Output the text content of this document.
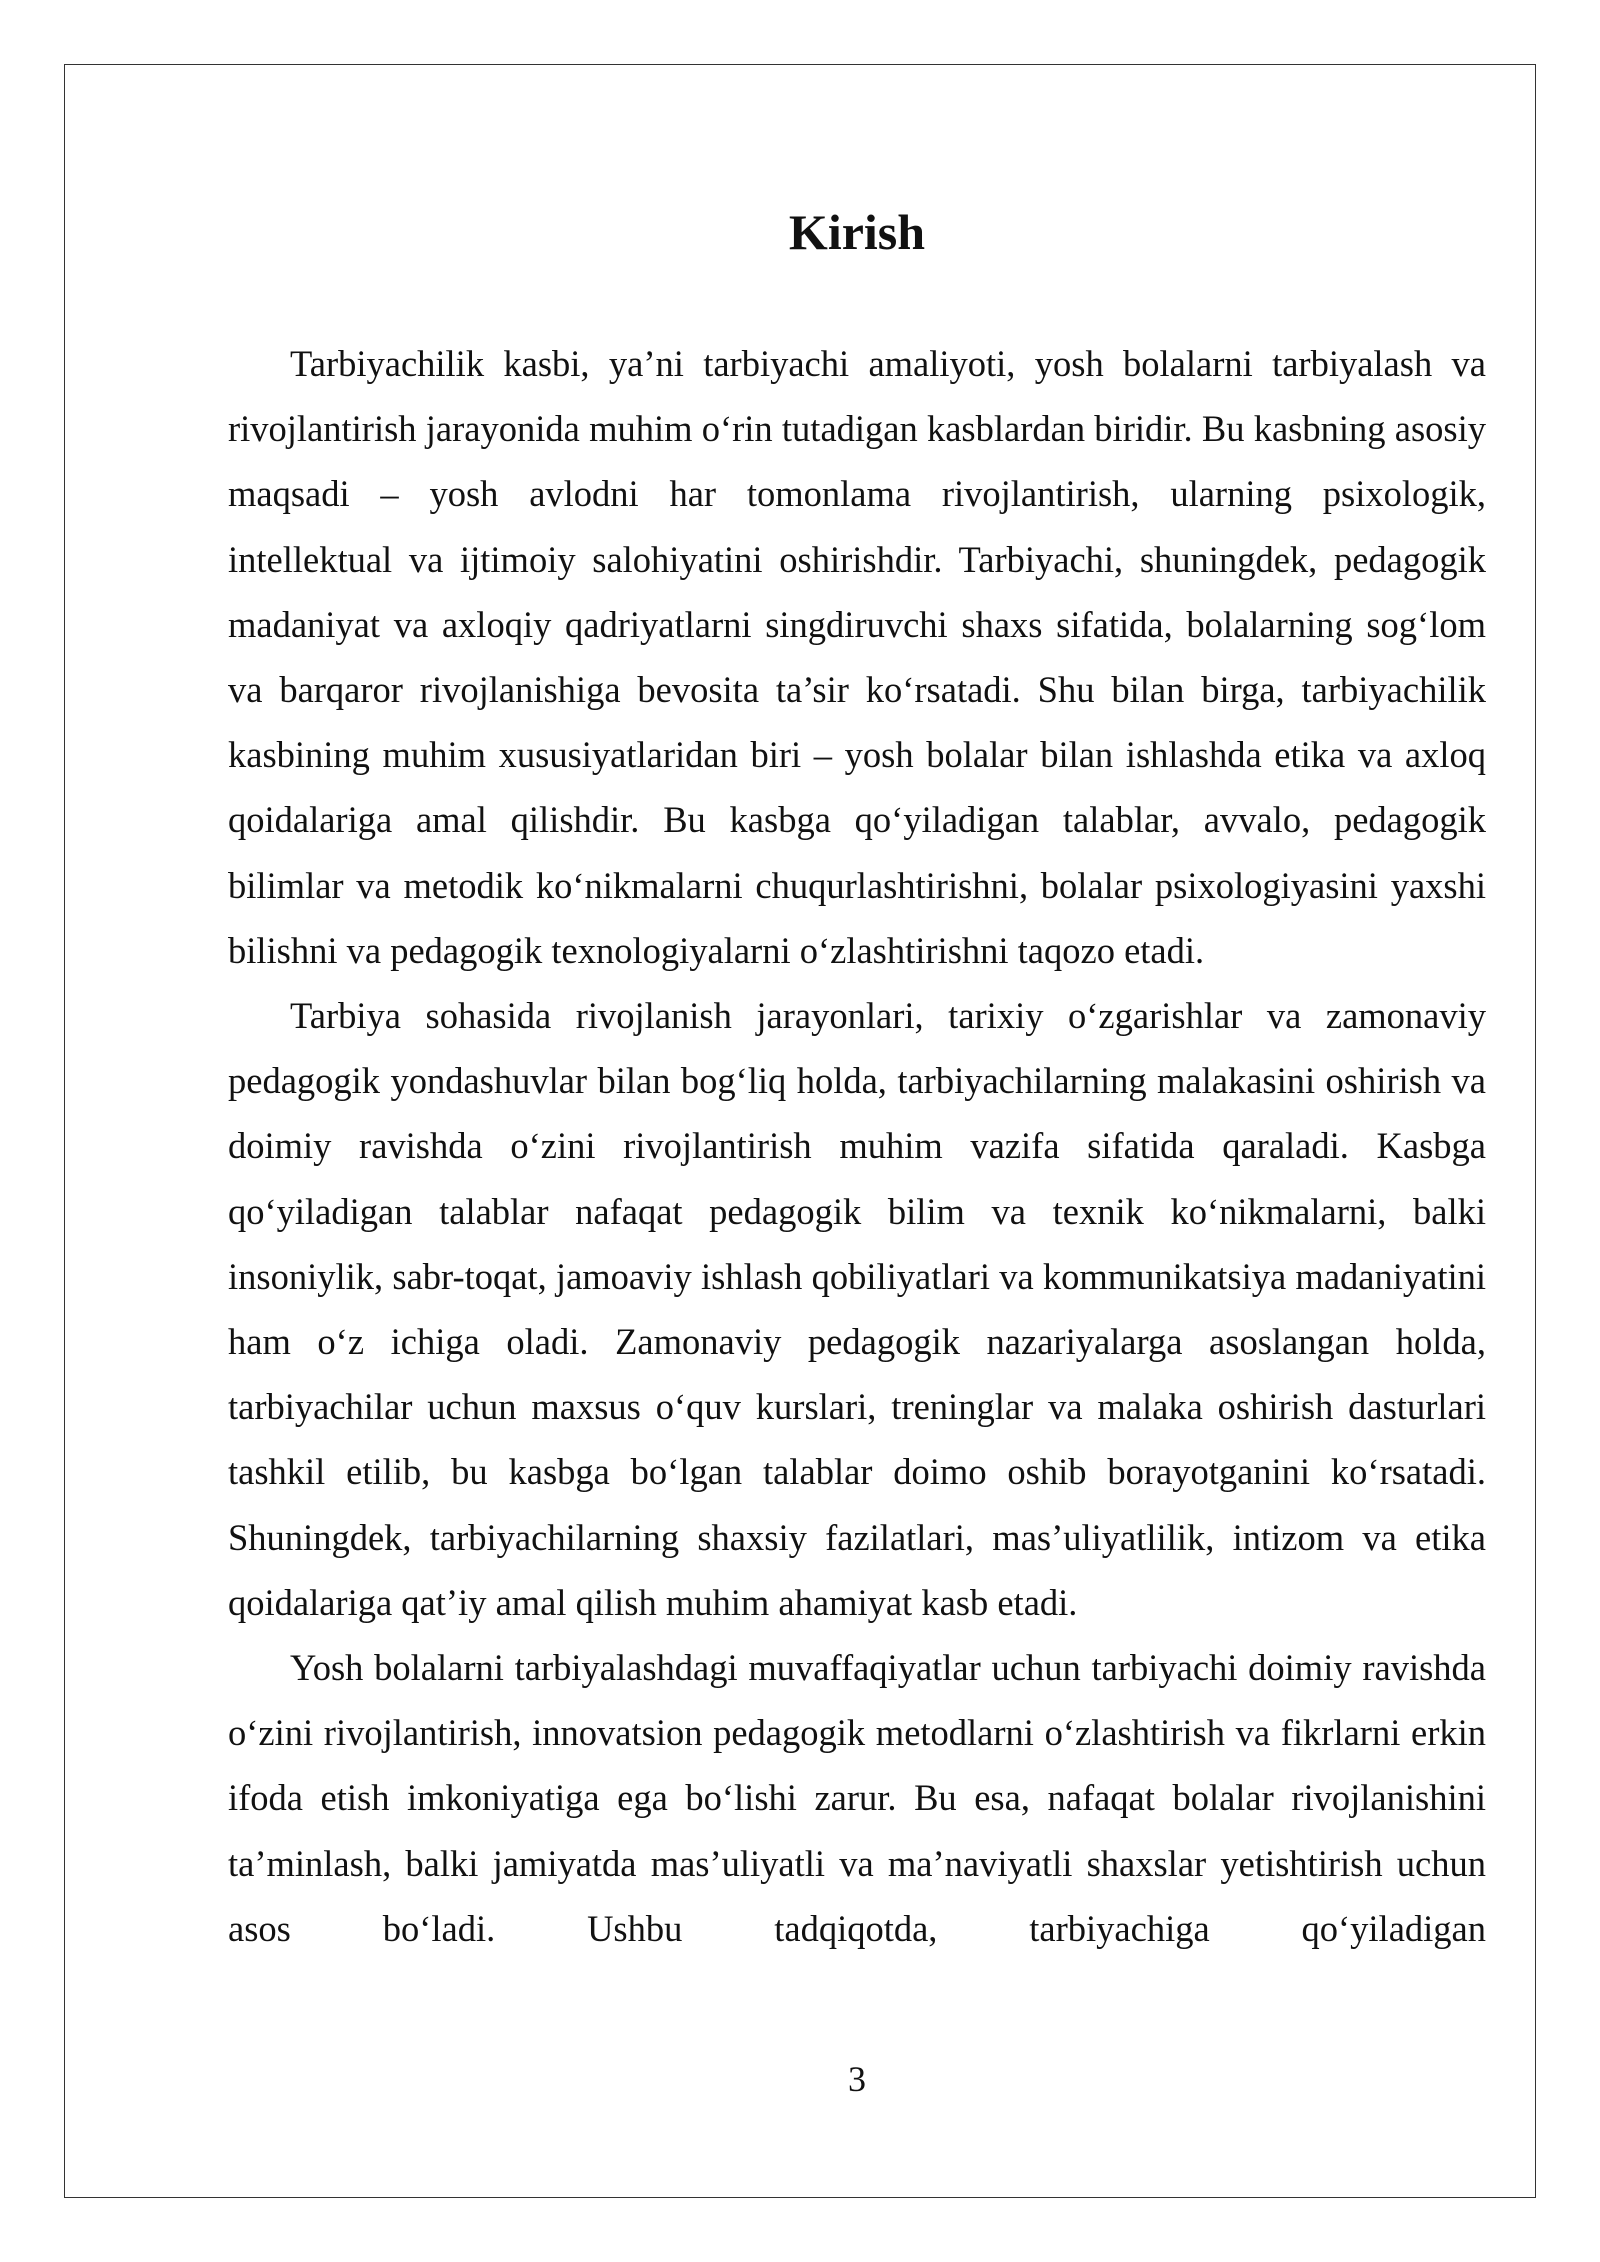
Kirish

Tarbiyachilik kasbi, ya’ni tarbiyachi amaliyoti, yosh bolalarni tarbiyalash va rivojlantirish jarayonida muhim o‘rin tutadigan kasblardan biridir. Bu kasbning asosiy maqsadi – yosh avlodni har tomonlama rivojlantirish, ularning psixologik, intellektual va ijtimoiy salohiyatini oshirishdir. Tarbiyachi, shuningdek, pedagogik madaniyat va axloqiy qadriyatlarni singdiruvchi shaxs sifatida, bolalarning sog‘lom va barqaror rivojlanishiga bevosita ta’sir ko‘rsatadi. Shu bilan birga, tarbiyachilik kasbining muhim xususiyatlaridan biri – yosh bolalar bilan ishlashda etika va axloq qoidalariga amal qilishdir. Bu kasbga qo‘yiladigan talablar, avvalo, pedagogik bilimlar va metodik ko‘nikmalarni chuqurlashtirishni, bolalar psixologiyasini yaxshi bilishni va pedagogik texnologiyalarni o‘zlashtirishni taqozo etadi.

Tarbiya sohasida rivojlanish jarayonlari, tarixiy o‘zgarishlar va zamonaviy pedagogik yondashuvlar bilan bog‘liq holda, tarbiyachilarning malakasini oshirish va doimiy ravishda o‘zini rivojlantirish muhim vazifa sifatida qaraladi. Kasbga qo‘yiladigan talablar nafaqat pedagogik bilim va texnik ko‘nikmalarni, balki insoniylik, sabr-toqat, jamoaviy ishlash qobiliyatlari va kommunikatsiya madaniyatini ham o‘z ichiga oladi. Zamonaviy pedagogik nazariyalarga asoslangan holda, tarbiyachilar uchun maxsus o‘quv kurslari, treninglar va malaka oshirish dasturlari tashkil etilib, bu kasbga bo‘lgan talablar doimo oshib borayotganini ko‘rsatadi. Shuningdek, tarbiyachilarning shaxsiy fazilatlari, mas’uliyatlilik, intizom va etika qoidalariga qat’iy amal qilish muhim ahamiyat kasb etadi.

Yosh bolalarni tarbiyalashdagi muvaffaqiyatlar uchun tarbiyachi doimiy ravishda o‘zini rivojlantirish, innovatsion pedagogik metodlarni o‘zlashtirish va fikrlarni erkin ifoda etish imkoniyatiga ega bo‘lishi zarur. Bu esa, nafaqat bolalar rivojlanishini ta’minlash, balki jamiyatda mas’uliyatli va ma’naviyatli shaxslar yetishtirish uchun asos bo‘ladi. Ushbu tadqiqotda, tarbiyachiga qo‘yiladigan

3
